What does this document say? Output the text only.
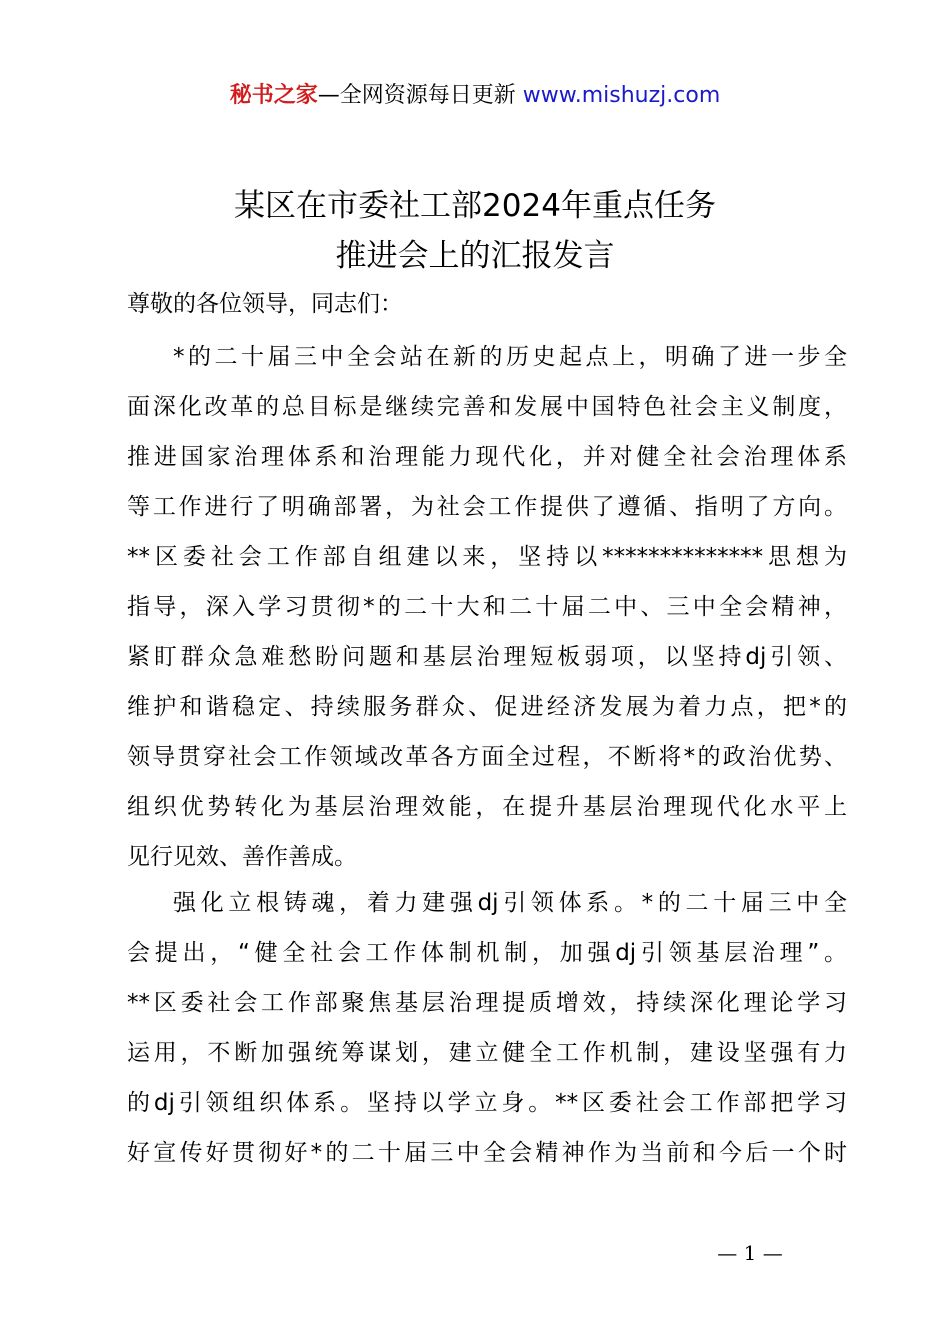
秘书之家—全网资源每日更新 www.mishuzj.com
某区在市委社工部2024年重点任务
推进会上的汇报发言
尊敬的各位领导，同志们：

*的二十届三中全会站在新的历史起点上，明确了进一步全
面深化改革的总目标是继续完善和发展中国特色社会主义制度，
推进国家治理体系和治理能力现代化，并对健全社会治理体系
等工作进行了明确部署，为社会工作提供了遵循、指明了方向。
**区委社会工作部自组建以来，坚持以**************思想为
指导，深入学习贯彻*的二十大和二十届二中、三中全会精神，
紧盯群众急难愁盼问题和基层治理短板弱项，以坚持dj引领、
维护和谐稳定、持续服务群众、促进经济发展为着力点，把*的
领导贯穿社会工作领域改革各方面全过程，不断将*的政治优势、
组织优势转化为基层治理效能，在提升基层治理现代化水平上
见行见效、善作善成。

强化立根铸魂，着力建强dj引领体系。*的二十届三中全
会提出，“健全社会工作体制机制，加强dj引领基层治理”。
**区委社会工作部聚焦基层治理提质增效，持续深化理论学习
运用，不断加强统筹谋划，建立健全工作机制，建设坚强有力
的dj引领组织体系。坚持以学立身。**区委社会工作部把学习
好宣传好贯彻好*的二十届三中全会精神作为当前和今后一个时

— 1 —
